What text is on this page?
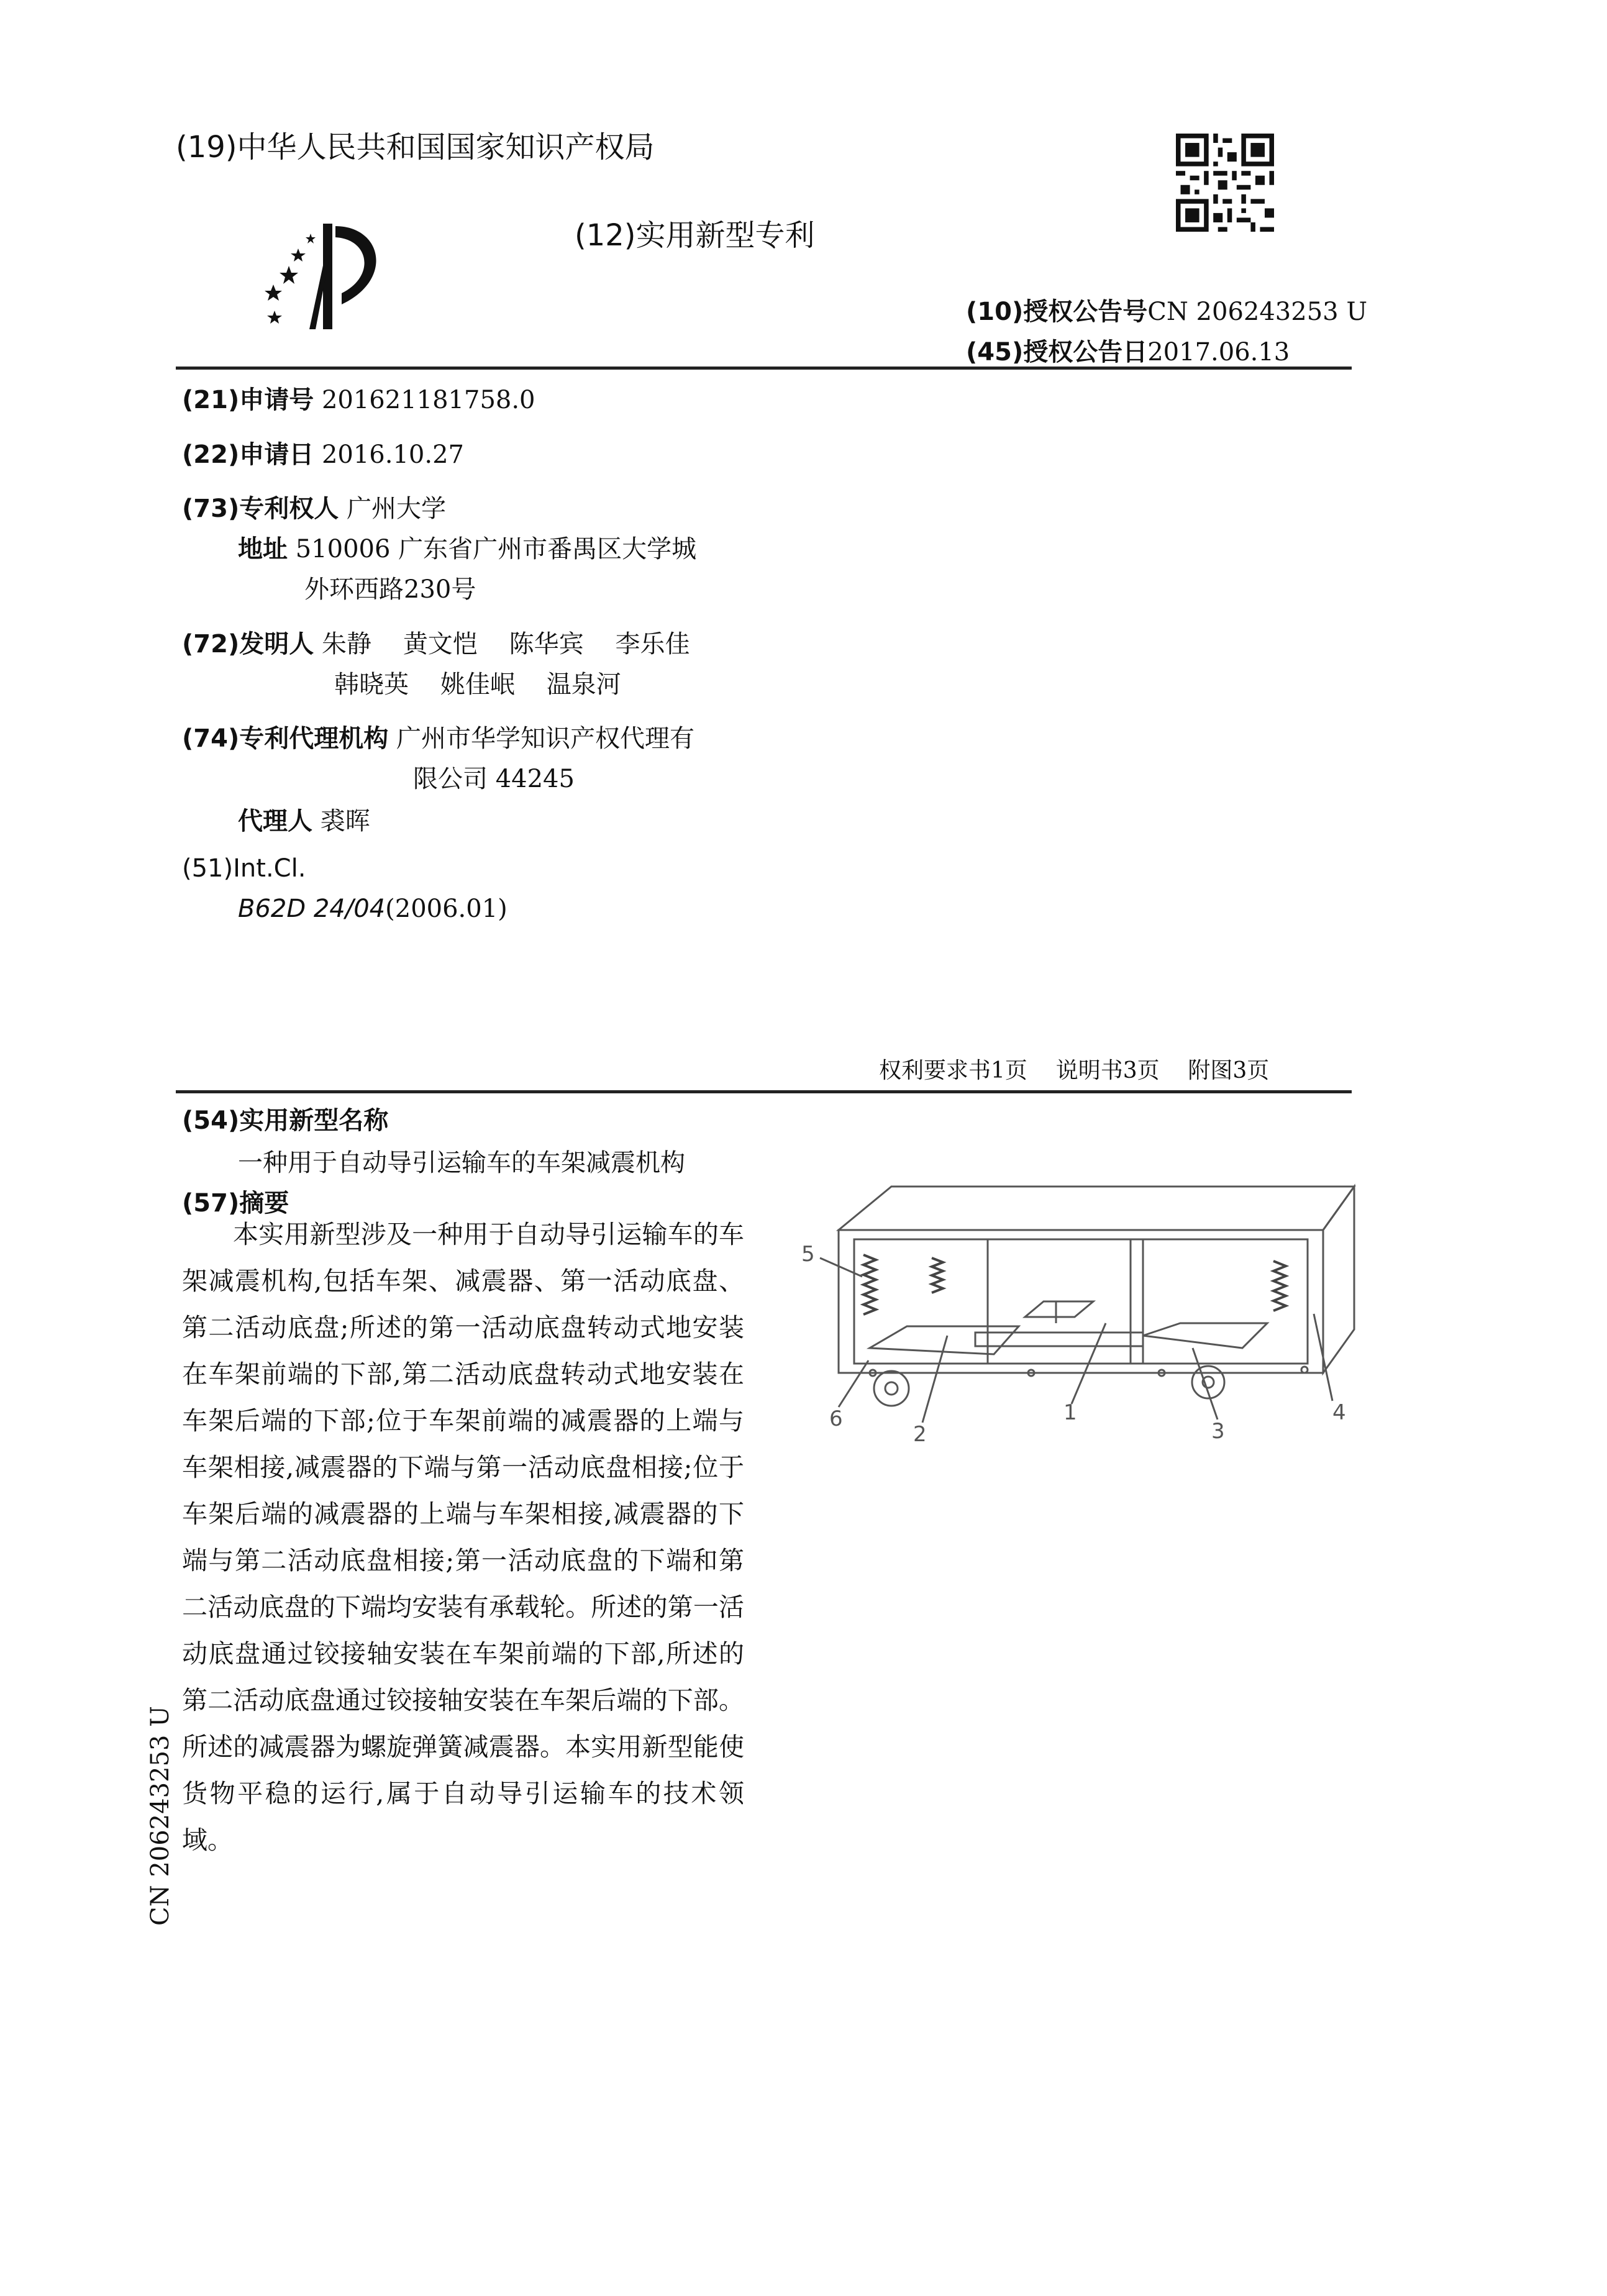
(19)中华人民共和国国家知识产权局
(12)实用新型专利
(10)授权公告号CN 206243253 U
(45)授权公告日2017.06.13
(21)申请号 201621181758.0
(22)申请日 2016.10.27
(73)专利权人 广州大学
地址 510006 广东省广州市番禺区大学城
外环西路230号
(72)发明人 朱静 黄文恺 陈华宾 李乐佳
韩晓英 姚佳岷 温泉河
(74)专利代理机构 广州市华学知识产权代理有
限公司 44245
代理人 裘晖
(51)Int.Cl.
B62D 24/04(2006.01)
权利要求书1页 说明书3页 附图3页
(54)实用新型名称
一种用于自动导引运输车的车架减震机构
(57)摘要
本实用新型涉及一种用于自动导引运输车的车架减震机构,包括车架、减震器、第一活动底盘、第二活动底盘;所述的第一活动底盘转动式地安装在车架前端的下部,第二活动底盘转动式地安装在车架后端的下部;位于车架前端的减震器的上端与车架相接,减震器的下端与第一活动底盘相接;位于车架后端的减震器的上端与车架相接,减震器的下端与第二活动底盘相接;第一活动底盘的下端和第二活动底盘的下端均安装有承载轮。所述的第一活动底盘通过铰接轴安装在车架前端的下部,所述的第二活动底盘通过铰接轴安装在车架后端的下部。所述的减震器为螺旋弹簧减震器。本实用新型能使货物平稳的运行,属于自动导引运输车的技术领域。
5
6
2
1
3
4
CN 206243253 U
